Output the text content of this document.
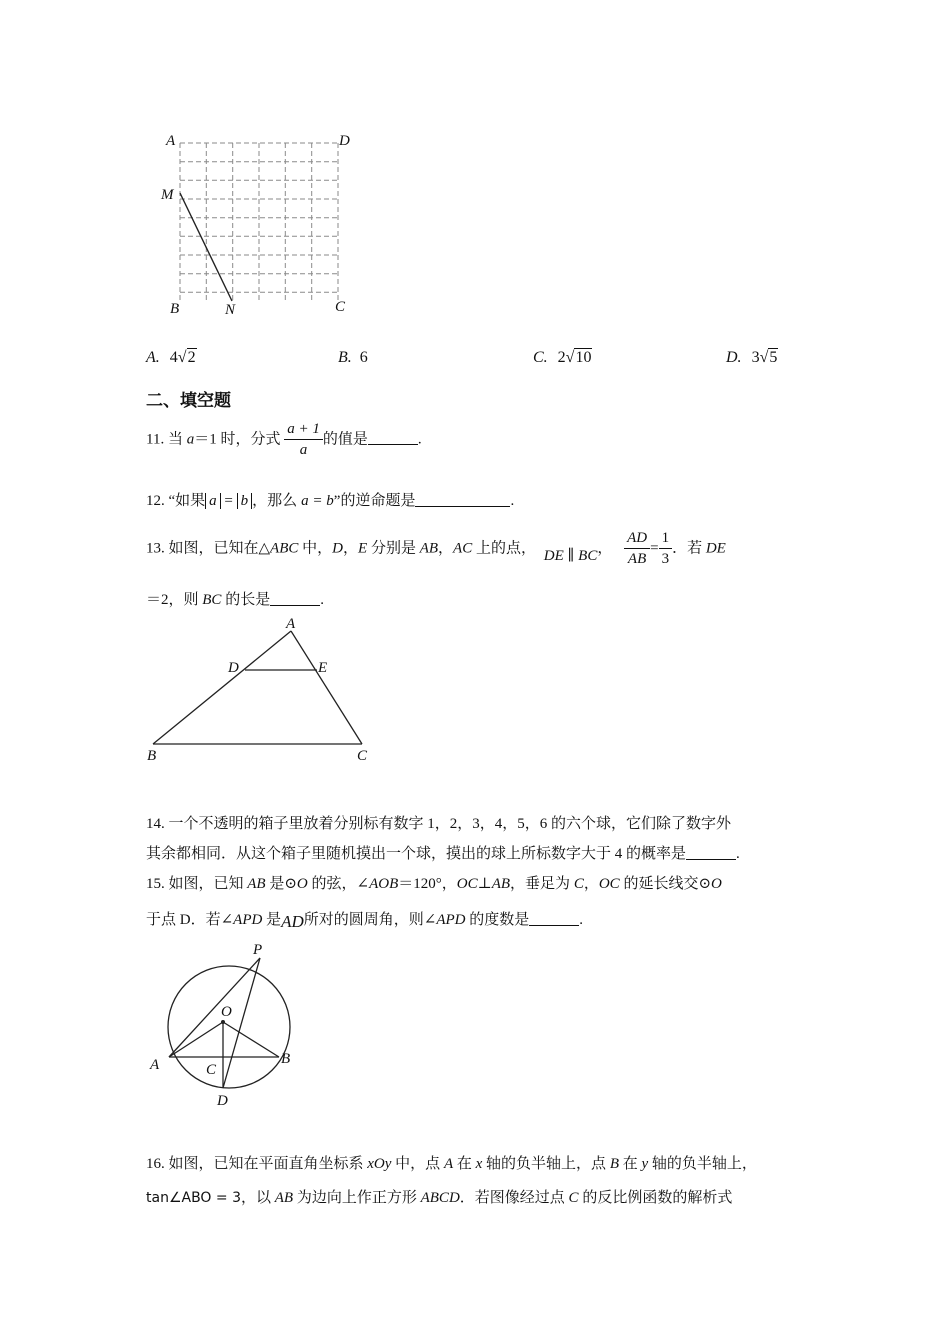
A	D
M
B	N	C
A. 4√2	B. 6	C. 2√10	D. 3√5
二、填空题
11. 当 a＝1 时，分式 $\frac{a + 1}{a}$ 的值是	.
12. “如果 a = b ，那么 a = b”的逆命题是	.
13. 如图，已知在△ABC 中，D，E 分别是 AB，AC 上的点， DE ∥ BC， $\frac{AD}{AB} = \frac{1}{3}$ ．若 DE
＝2，则 BC 的长是	.
A
D	E
B	C
14. 一个不透明的箱子里放着分别标有数字 1，2，3，4，5，6 的六个球，它们除了数字外
其余都相同．从这个箱子里随机摸出一个球，摸出的球上所标数字大于 4 的概率是	.
15. 如图，已知 AB 是⊙O 的弦，∠AOB＝120°，OC⊥AB，垂足为 C，OC 的延长线交⊙O
于点 D．若∠APD 是AD所对的圆周角，则∠APD 的度数是	.
P
O
A	C
B
D
16. 如图，已知在平面直角坐标系 xOy 中，点 A 在 x 轴的负半轴上，点 B 在 y 轴的负半轴上，
tan∠ABO = 3，以 AB 为边向上作正方形 ABCD．若图像经过点 C 的反比例函数的解析式
